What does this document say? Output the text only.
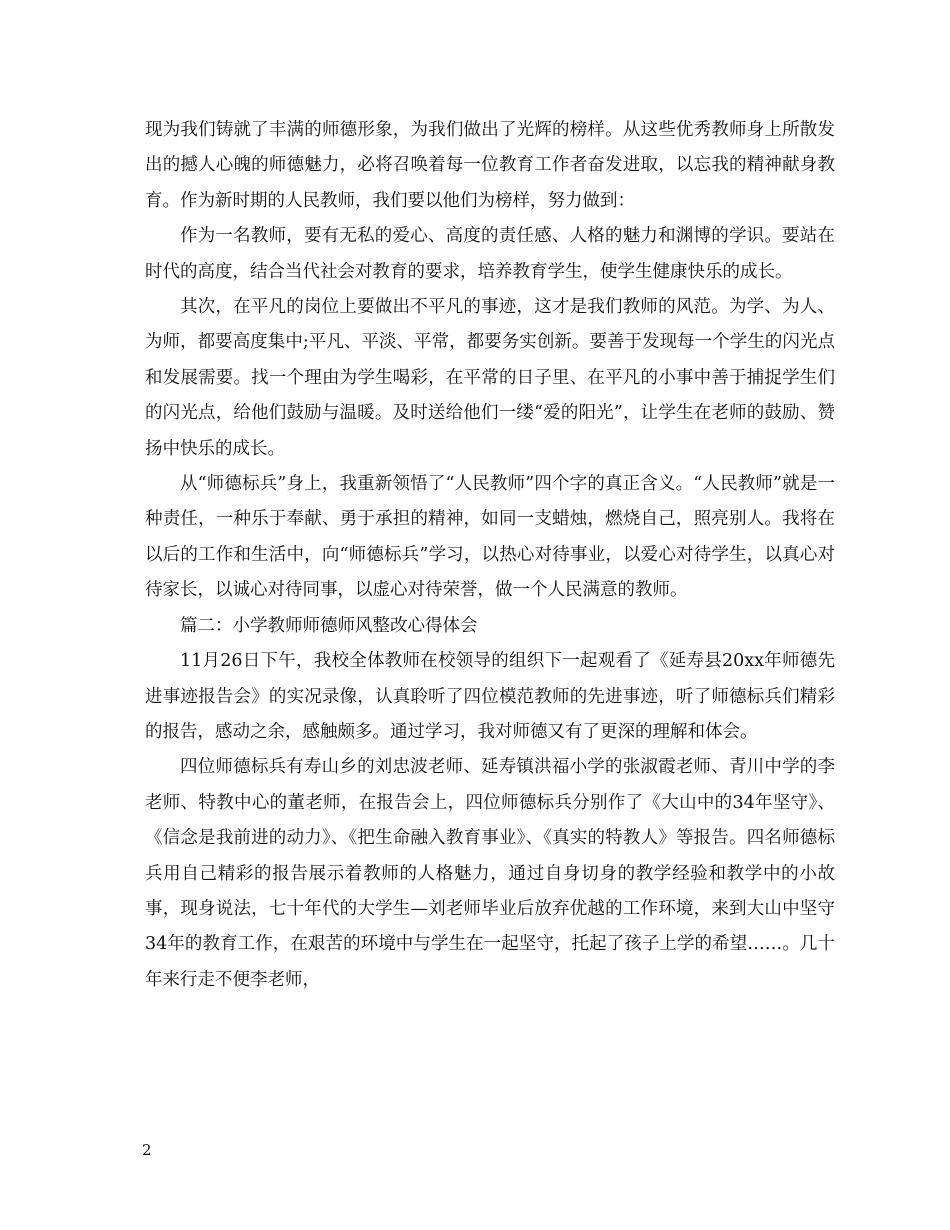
现为我们铸就了丰满的师德形象，为我们做出了光辉的榜样。从这些优秀教师身上所散发出的撼人心魄的师德魅力，必将召唤着每一位教育工作者奋发进取，以忘我的精神献身教育。作为新时期的人民教师，我们要以他们为榜样，努力做到：

作为一名教师，要有无私的爱心、高度的责任感、人格的魅力和渊博的学识。要站在时代的高度，结合当代社会对教育的要求，培养教育学生，使学生健康快乐的成长。

其次，在平凡的岗位上要做出不平凡的事迹，这才是我们教师的风范。为学、为人、为师，都要高度集中;平凡、平淡、平常，都要务实创新。要善于发现每一个学生的闪光点和发展需要。找一个理由为学生喝彩，在平常的日子里、在平凡的小事中善于捕捉学生们的闪光点，给他们鼓励与温暖。及时送给他们一缕“爱的阳光”，让学生在老师的鼓励、赞扬中快乐的成长。

从“师德标兵”身上，我重新领悟了“人民教师”四个字的真正含义。“人民教师”就是一种责任，一种乐于奉献、勇于承担的精神，如同一支蜡烛，燃烧自己，照亮别人。我将在以后的工作和生活中，向“师德标兵”学习，以热心对待事业，以爱心对待学生，以真心对待家长，以诚心对待同事，以虚心对待荣誉，做一个人民满意的教师。

篇二：小学教师师德师风整改心得体会

11月26日下午，我校全体教师在校领导的组织下一起观看了《延寿县20xx年师德先进事迹报告会》的实况录像，认真聆听了四位模范教师的先进事迹，听了师德标兵们精彩的报告，感动之余，感触颇多。通过学习，我对师德又有了更深的理解和体会。

四位师德标兵有寿山乡的刘忠波老师、延寿镇洪福小学的张淑霞老师、青川中学的李老师、特教中心的董老师，在报告会上，四位师德标兵分别作了《大山中的34年坚守》、《信念是我前进的动力》、《把生命融入教育事业》、《真实的特教人》等报告。四名师德标兵用自己精彩的报告展示着教师的人格魅力，通过自身切身的教学经验和教学中的小故事，现身说法，七十年代的大学生—刘老师毕业后放弃优越的工作环境，来到大山中坚守34年的教育工作，在艰苦的环境中与学生在一起坚守，托起了孩子上学的希望……。几十年来行走不便李老师，

2
